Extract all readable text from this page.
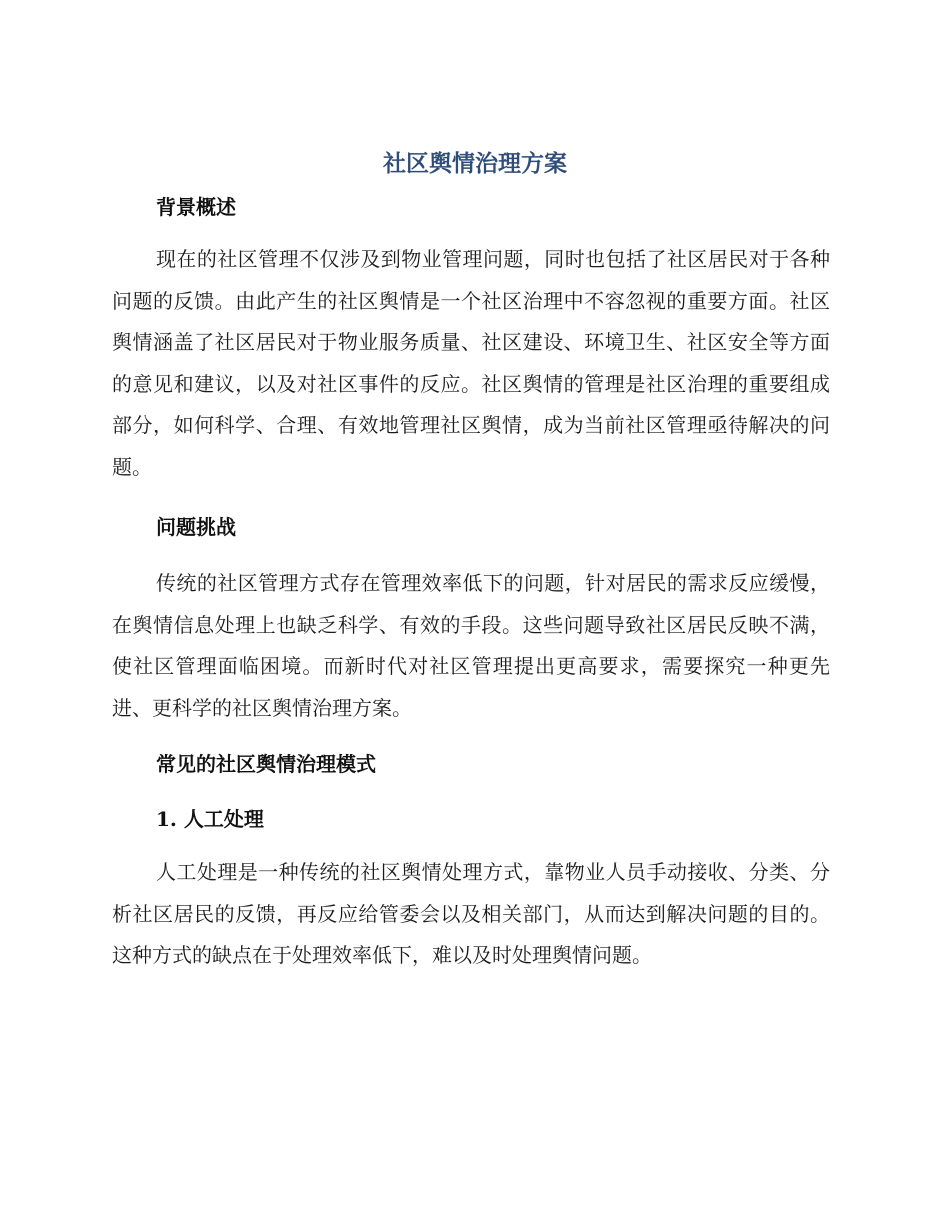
社区舆情治理方案
背景概述

现在的社区管理不仅涉及到物业管理问题，同时也包括了社区居民对于各种问题的反馈。由此产生的社区舆情是一个社区治理中不容忽视的重要方面。社区舆情涵盖了社区居民对于物业服务质量、社区建设、环境卫生、社区安全等方面的意见和建议，以及对社区事件的反应。社区舆情的管理是社区治理的重要组成部分，如何科学、合理、有效地管理社区舆情，成为当前社区管理亟待解决的问题。

问题挑战

传统的社区管理方式存在管理效率低下的问题，针对居民的需求反应缓慢，在舆情信息处理上也缺乏科学、有效的手段。这些问题导致社区居民反映不满，使社区管理面临困境。而新时代对社区管理提出更高要求，需要探究一种更先进、更科学的社区舆情治理方案。

常见的社区舆情治理模式
1. 人工处理

人工处理是一种传统的社区舆情处理方式，靠物业人员手动接收、分类、分析社区居民的反馈，再反应给管委会以及相关部门，从而达到解决问题的目的。这种方式的缺点在于处理效率低下，难以及时处理舆情问题。
